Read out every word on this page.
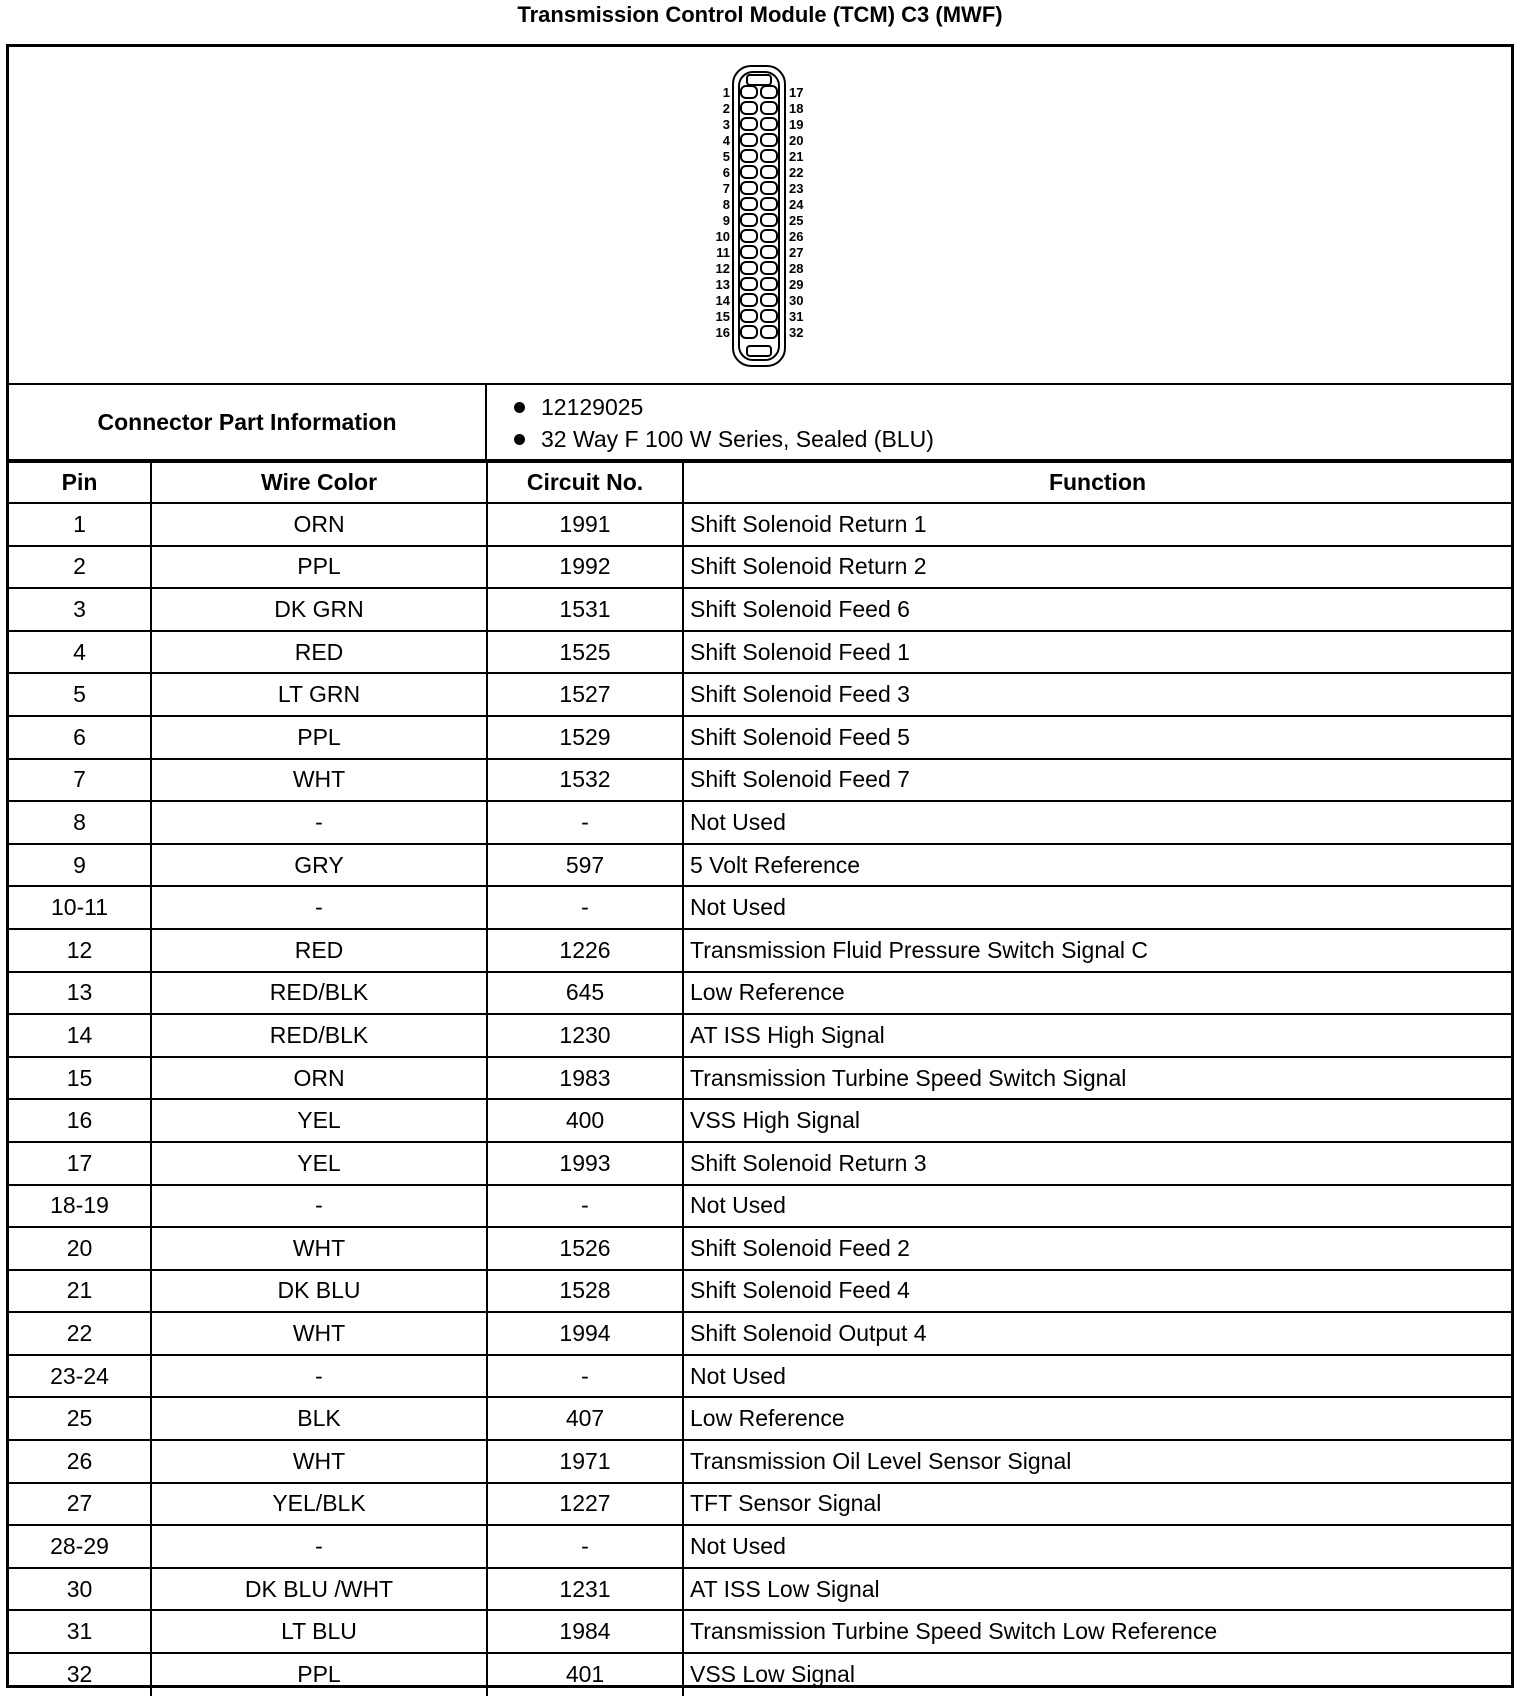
Transmission Control Module (TCM) C3 (MWF)
1	17
2	18
3	19
4	20
5	21
6	22
7	23
8	24
9	25
10	26
11	27
12	28
13	29
14	30
15	31
16	32
Connector Part Information
12129025
32 Way F 100 W Series, Sealed (BLU)
Pin	Wire Color	Circuit No.	Function
1	ORN	1991	Shift Solenoid Return 1
2	PPL	1992	Shift Solenoid Return 2
3	DK GRN	1531	Shift Solenoid Feed 6
4	RED	1525	Shift Solenoid Feed 1
5	LT GRN	1527	Shift Solenoid Feed 3
6	PPL	1529	Shift Solenoid Feed 5
7	WHT	1532	Shift Solenoid Feed 7
8	-	-	Not Used
9	GRY	597	5 Volt Reference
10-11	-	-	Not Used
12	RED	1226	Transmission Fluid Pressure Switch Signal C
13	RED/BLK	645	Low Reference
14	RED/BLK	1230	AT ISS High Signal
15	ORN	1983	Transmission Turbine Speed Switch Signal
16	YEL	400	VSS High Signal
17	YEL	1993	Shift Solenoid Return 3
18-19	-	-	Not Used
20	WHT	1526	Shift Solenoid Feed 2
21	DK BLU	1528	Shift Solenoid Feed 4
22	WHT	1994	Shift Solenoid Output 4
23-24	-	-	Not Used
25	BLK	407	Low Reference
26	WHT	1971	Transmission Oil Level Sensor Signal
27	YEL/BLK	1227	TFT Sensor Signal
28-29	-	-	Not Used
30	DK BLU /WHT	1231	AT ISS Low Signal
31	LT BLU	1984	Transmission Turbine Speed Switch Low Reference
32	PPL	401	VSS Low Signal
